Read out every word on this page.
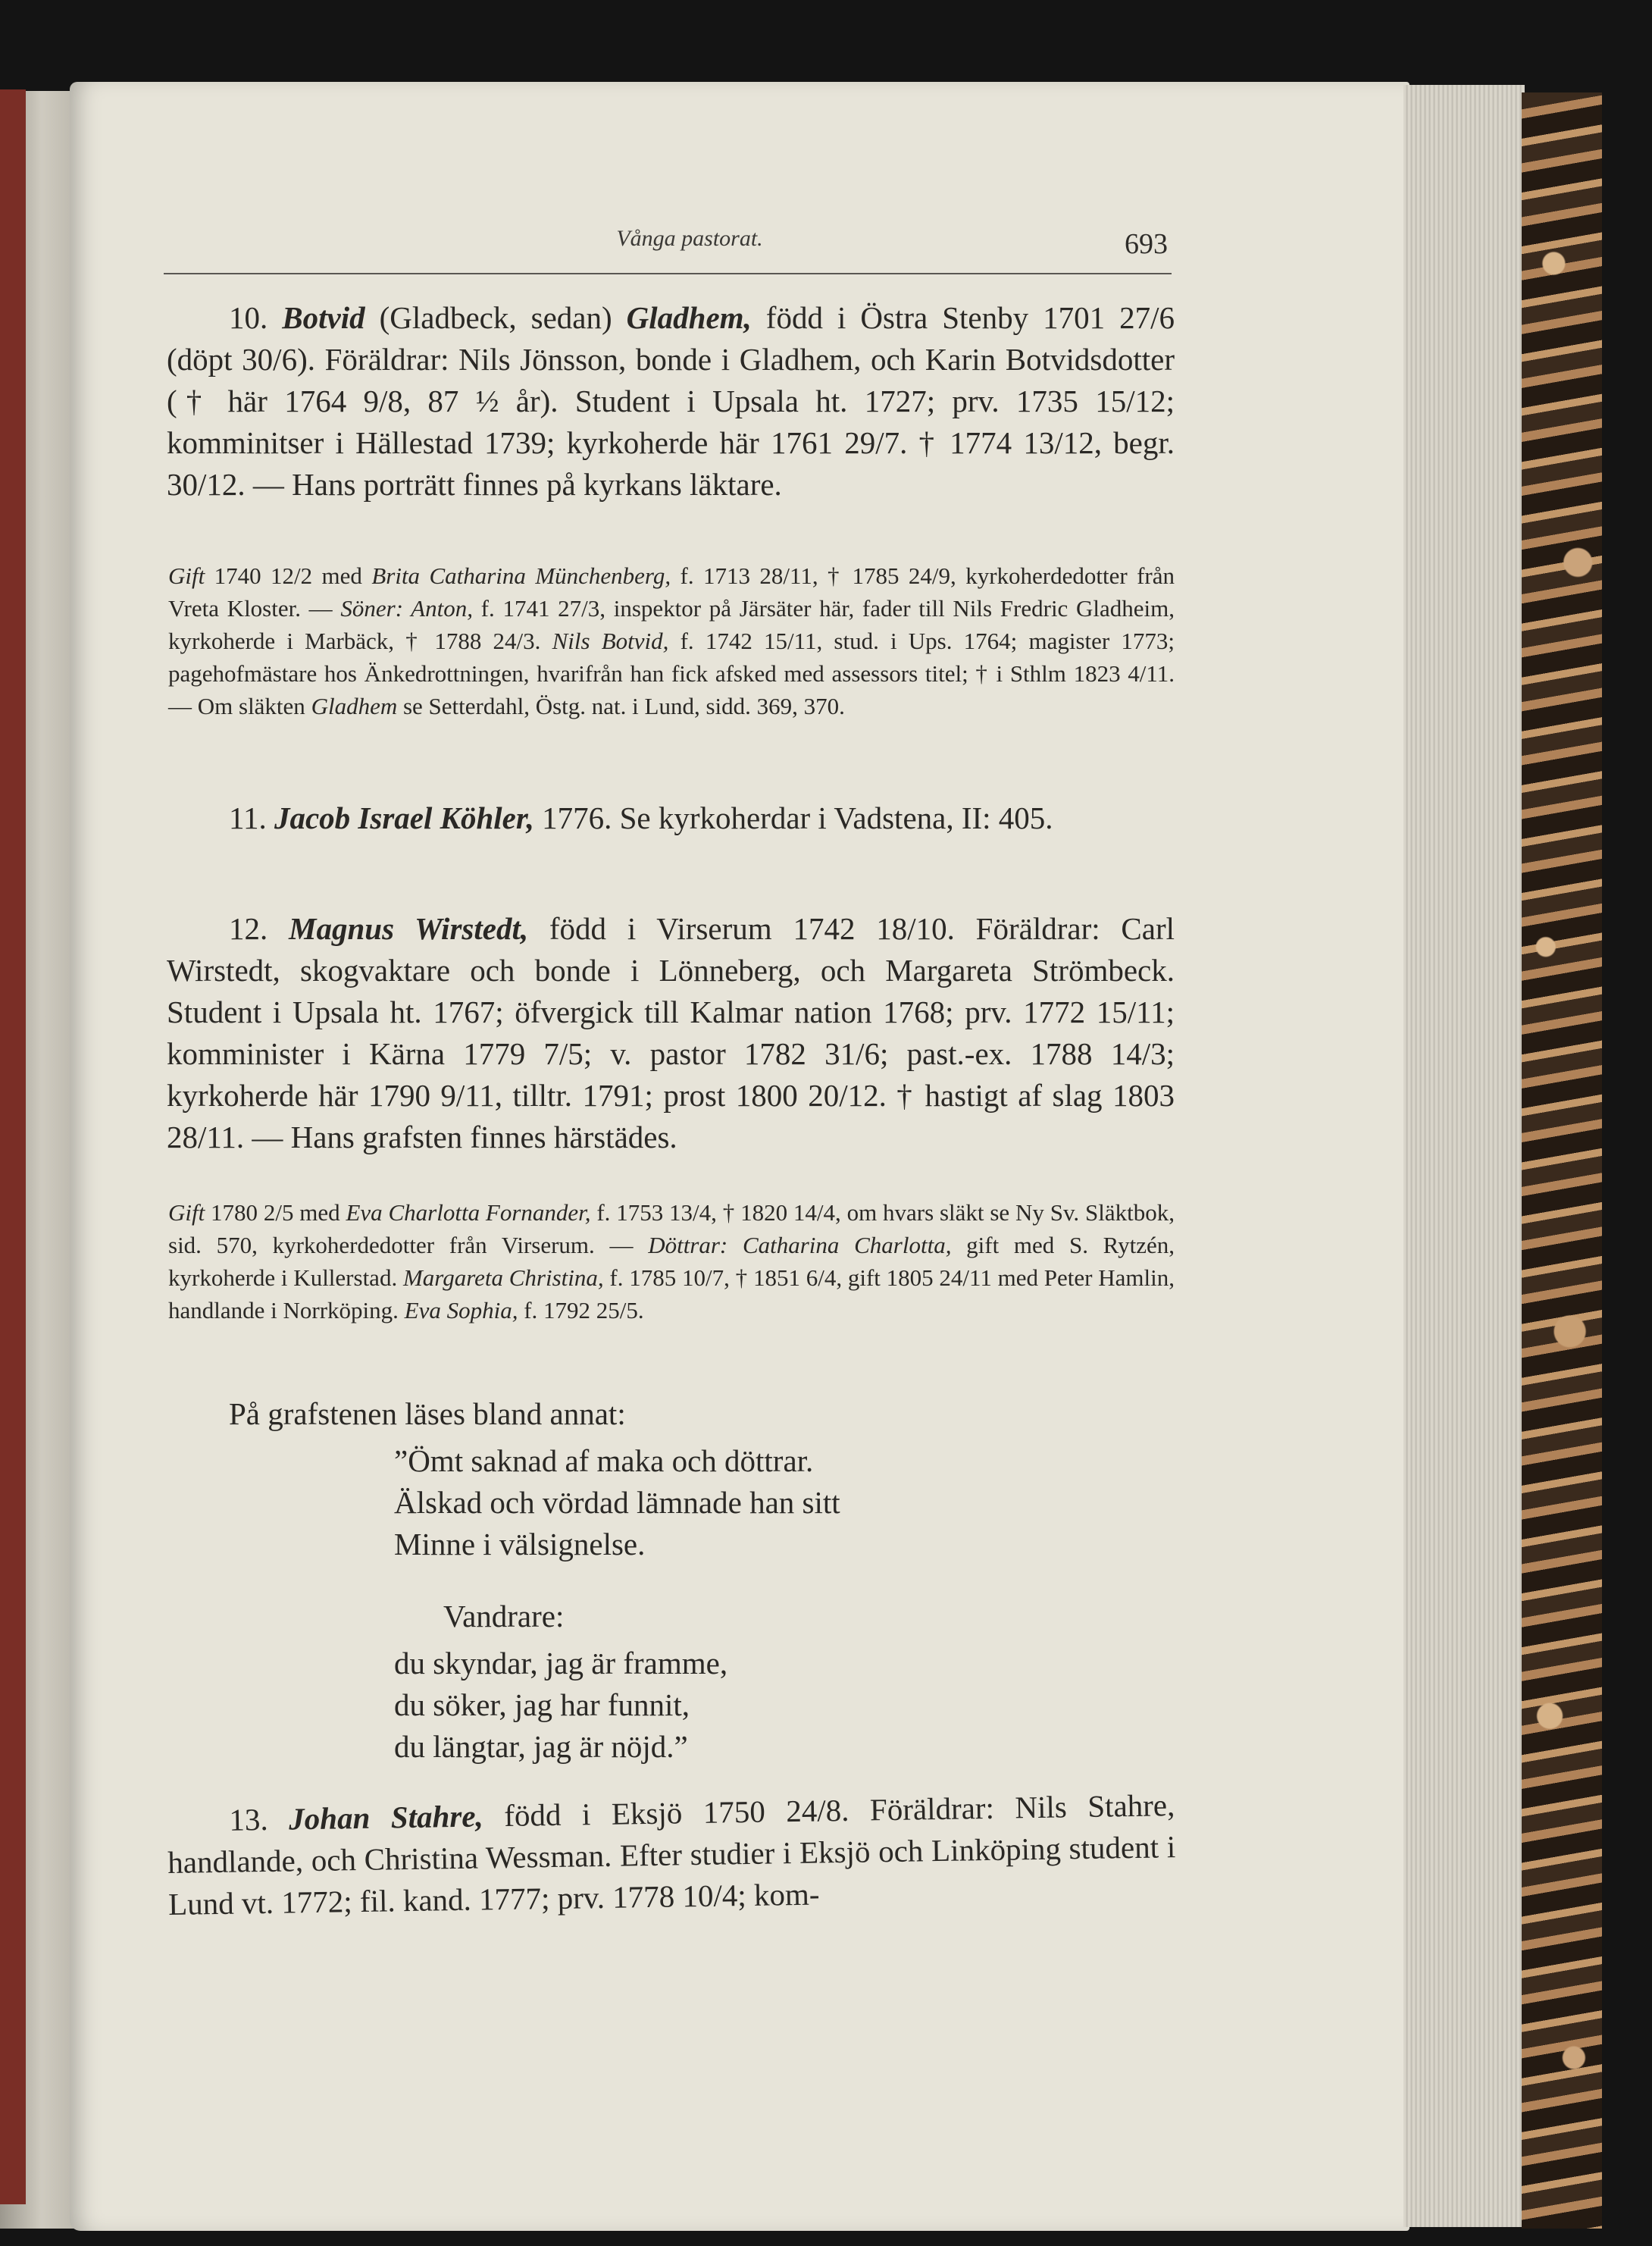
Vånga pastorat.	693
10. Botvid (Gladbeck, sedan) Gladhem, född i Östra Stenby 1701 27/6 (döpt 30/6). Föräldrar: Nils Jönsson, bonde i Gladhem, och Karin Botvidsdotter († här 1764 9/8, 87 ½ år). Student i Upsala ht. 1727; prv. 1735 15/12; komminitser i Hällestad 1739; kyrkoherde här 1761 29/7. † 1774 13/12, begr. 30/12. — Hans porträtt finnes på kyrkans läktare.
Gift 1740 12/2 med Brita Catharina Münchenberg, f. 1713 28/11, † 1785 24/9, kyrkoherdedotter från Vreta Kloster. — Söner: Anton, f. 1741 27/3, inspektor på Järsäter här, fader till Nils Fredric Gladheim, kyrkoherde i Marbäck, † 1788 24/3. Nils Botvid, f. 1742 15/11, stud. i Ups. 1764; magister 1773; pagehofmästare hos Änkedrottningen, hvarifrån han fick afsked med assessors titel; † i Sthlm 1823 4/11. — Om släkten Gladhem se Setterdahl, Östg. nat. i Lund, sidd. 369, 370.
11. Jacob Israel Köhler, 1776. Se kyrkoherdar i Vadstena, II: 405.
12. Magnus Wirstedt, född i Virserum 1742 18/10. Föräldrar: Carl Wirstedt, skogvaktare och bonde i Lönneberg, och Margareta Strömbeck. Student i Upsala ht. 1767; öfvergick till Kalmar nation 1768; prv. 1772 15/11; komminister i Kärna 1779 7/5; v. pastor 1782 31/6; past.-ex. 1788 14/3; kyrkoherde här 1790 9/11, tilltr. 1791; prost 1800 20/12. † hastigt af slag 1803 28/11. — Hans grafsten finnes härstädes.
Gift 1780 2/5 med Eva Charlotta Fornander, f. 1753 13/4, † 1820 14/4, om hvars släkt se Ny Sv. Släktbok, sid. 570, kyrkoherdedotter från Virserum. — Döttrar: Catharina Charlotta, gift med S. Rytzén, kyrkoherde i Kullerstad. Margareta Christina, f. 1785 10/7, † 1851 6/4, gift 1805 24/11 med Peter Hamlin, handlande i Norrköping. Eva Sophia, f. 1792 25/5.
På grafstenen läses bland annat:
”Ömt saknad af maka och döttrar.
Älskad och vördad lämnade han sitt
Minne i välsignelse.
Vandrare:
du skyndar, jag är framme,
du söker, jag har funnit,
du längtar, jag är nöjd.”
13. Johan Stahre, född i Eksjö 1750 24/8. Föräldrar: Nils Stahre, handlande, och Christina Wessman. Efter studier i Eksjö och Linköping student i Lund vt. 1772; fil. kand. 1777; prv. 1778 10/4; kom-
